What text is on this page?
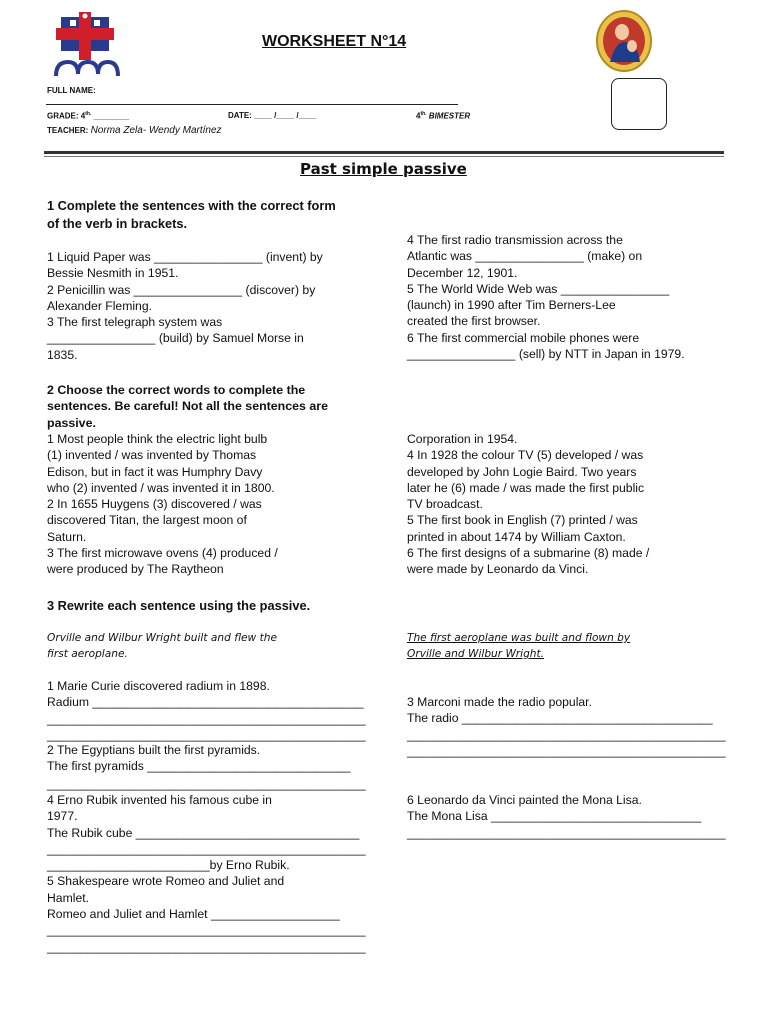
WORKSHEET N°14
FULL NAME:
GRADE: $4^{th.}$ ________	DATE: ____ /____ /____	$4^{th.}$ BIMESTER
TEACHER: Norma Zela- Wendy Martínez
Past simple passive
1 Complete the sentences with the correct form
of the verb in brackets.
1 Liquid Paper was ________________ (invent) by
Bessie Nesmith in 1951.
2 Penicillin was ________________ (discover) by
Alexander Fleming.
3 The first telegraph system was
________________ (build) by Samuel Morse in
1835.
4 The first radio transmission across the
Atlantic was ________________ (make) on
December 12, 1901.
5 The World Wide Web was ________________
(launch) in 1990 after Tim Berners-Lee
created the first browser.
6 The first commercial mobile phones were
________________ (sell) by NTT in Japan in 1979.
2 Choose the correct words to complete the
sentences. Be careful! Not all the sentences are
passive.
1 Most people think the electric light bulb
(1) invented / was invented by Thomas
Edison, but in fact it was Humphry Davy
who (2) invented / was invented it in 1800.
2 In 1655 Huygens (3) discovered / was
discovered Titan, the largest moon of
Saturn.
3 The first microwave ovens (4) produced /
were produced by The Raytheon
Corporation in 1954.
4 In 1928 the colour TV (5) developed / was
developed by John Logie Baird. Two years
later he (6) made / was made the first public
TV broadcast.
5 The first book in English (7) printed / was
printed in about 1474 by William Caxton.
6 The first designs of a submarine (8) made /
were made by Leonardo da Vinci.
3 Rewrite each sentence using the passive.
Orville and Wilbur Wright built and flew the
first aeroplane.
The first aeroplane was built and flown by
Orville and Wilbur Wright.
1 Marie Curie discovered radium in 1898.
Radium ________________________________________
_______________________________________________
_______________________________________________
2 The Egyptians built the first pyramids.
The first pyramids ______________________________
_______________________________________________
4 Erno Rubik invented his famous cube in
1977.
The Rubik cube _________________________________
_______________________________________________
________________________by Erno Rubik.
5 Shakespeare wrote Romeo and Juliet and
Hamlet.
Romeo and Juliet and Hamlet ___________________
_______________________________________________
_______________________________________________
3 Marconi made the radio popular.
The radio _____________________________________
_______________________________________________
_______________________________________________
6 Leonardo da Vinci painted the Mona Lisa.
The Mona Lisa _______________________________
_______________________________________________
